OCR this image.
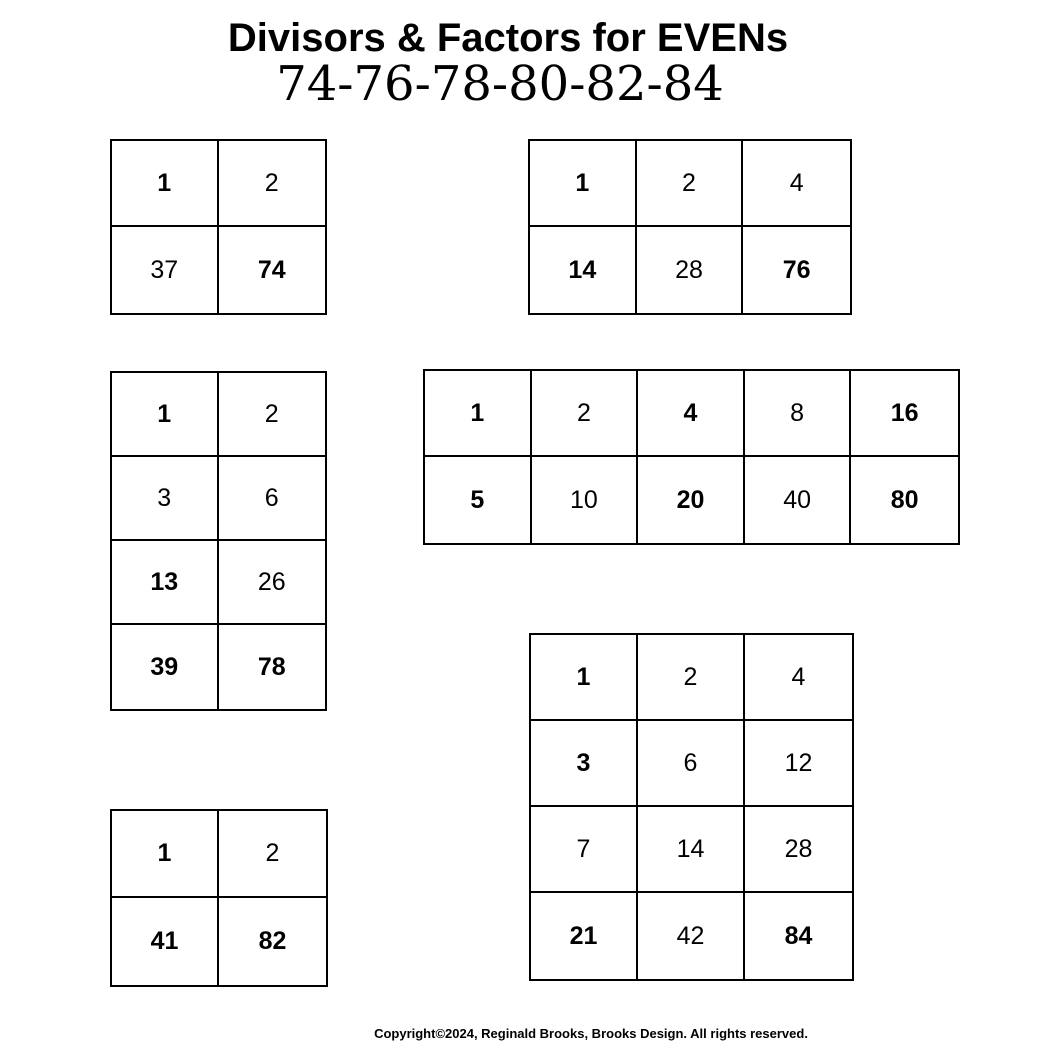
Divisors & Factors for EVENs
74-76-78-80-82-84
1	2
37	74
1	2	4
14	28	76
1	2
3	6
13	26
39	78
1	2	4	8	16
5	10	20	40	80
1	2
41	82
1	2	4
3	6	12
7	14	28
21	42	84
Copyright©2024, Reginald Brooks, Brooks Design. All rights reserved.
